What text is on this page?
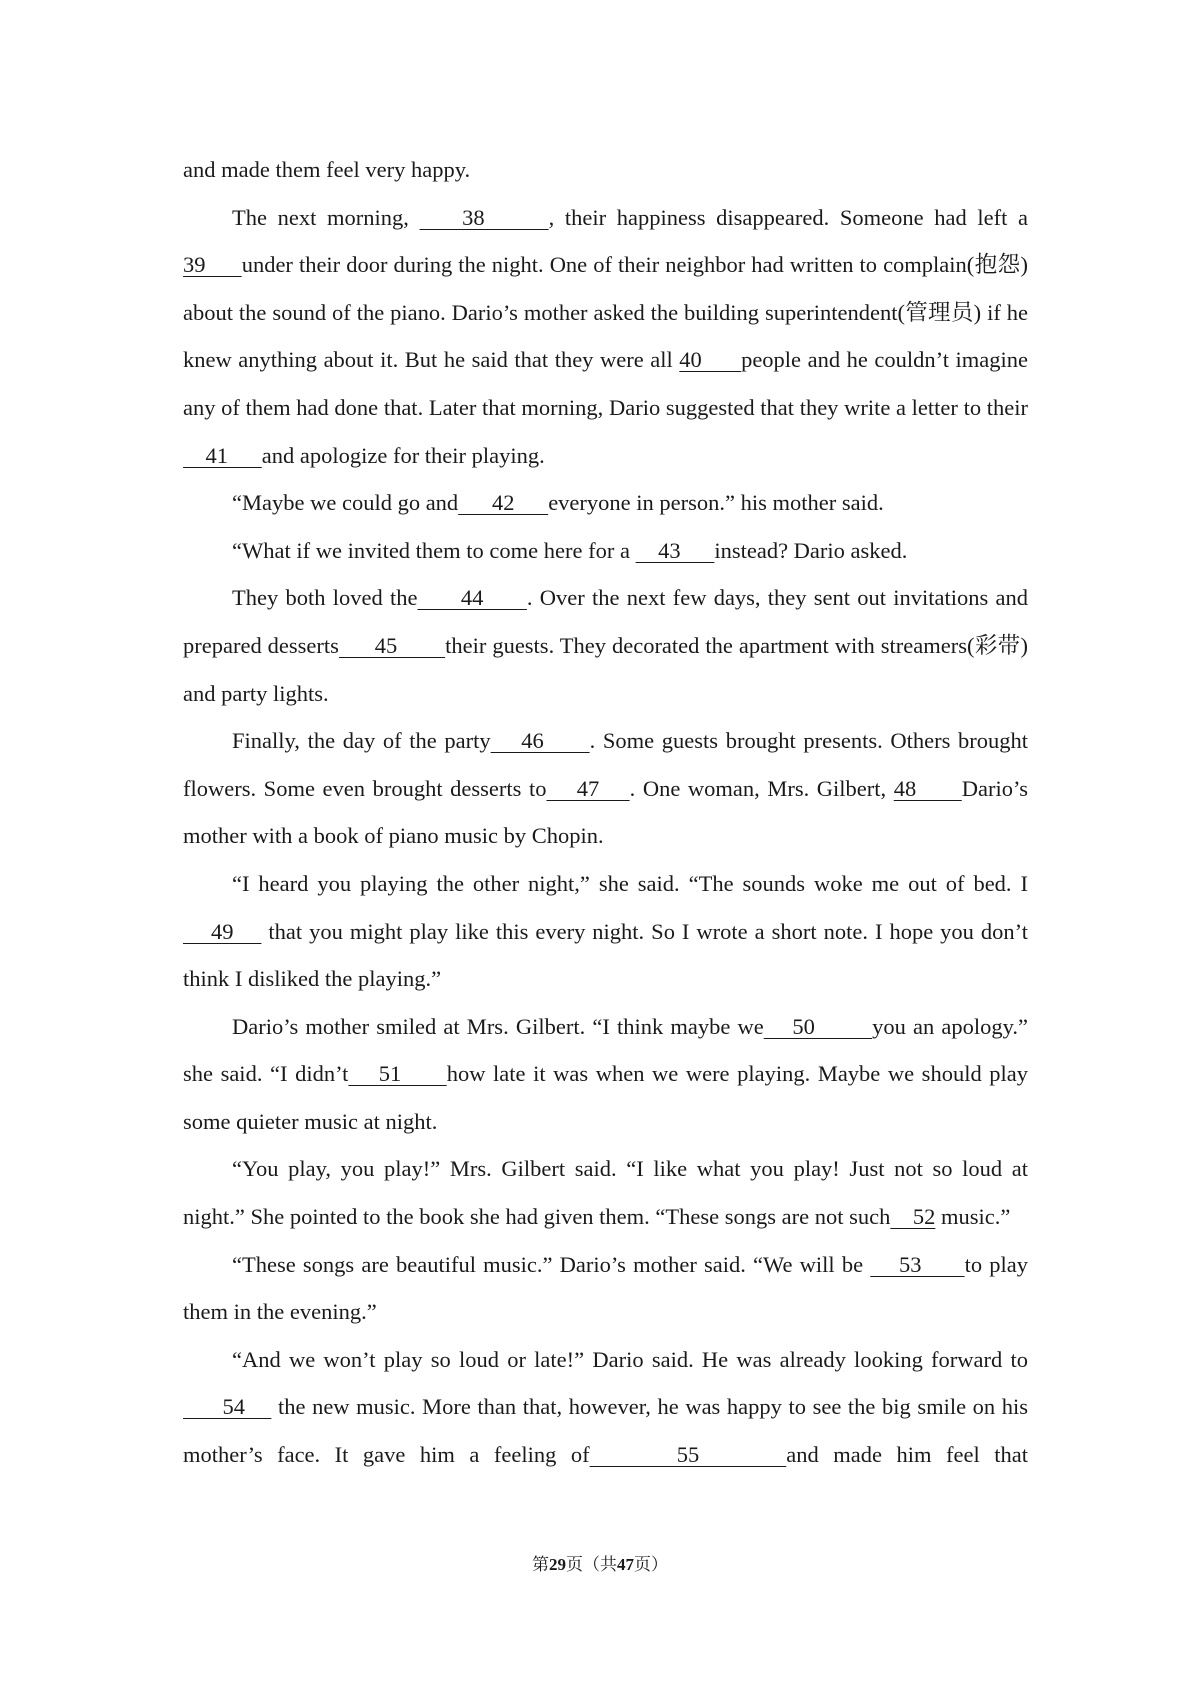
and made them feel very happy.

The next morning,     38      , their happiness disappeared. Someone had left a 39      under their door during the night. One of their neighbor had written to complain(抱怨) about the sound of the piano. Dario’s mother asked the building superintendent(管理员) if he knew anything about it. But he said that they were all 40      people and he couldn’t imagine any of them had done that. Later that morning, Dario suggested that they write a letter to their     41      and apologize for their playing.

“Maybe we could go and      42      everyone in person.” his mother said.

“What if we invited them to come here for a     43      instead? Dario asked.

They both loved the      44      . Over the next few days, they sent out invitations and prepared desserts      45        their guests. They decorated the apartment with streamers(彩带) and party lights.

Finally, the day of the party    46      . Some guests brought presents. Others brought flowers. Some even brought desserts to    47    . One woman, Mrs. Gilbert, 48      Dario’s mother with a book of piano music by Chopin.

“I heard you playing the other night,” she said. “The sounds woke me out of bed. I    49     that you might play like this every night. So I wrote a short note. I hope you don’t think I disliked the playing.”

Dario’s mother smiled at Mrs. Gilbert. “I think maybe we    50        you an apology.” she said. “I didn’t    51      how late it was when we were playing. Maybe we should play some quieter music at night.

“You play, you play!” Mrs. Gilbert said. “I like what you play! Just not so loud at night.” She pointed to the book she had given them. “These songs are not such    52 music.”

“These songs are beautiful music.” Dario’s mother said. “We will be     53      to play them in the evening.”

“And we won’t play so loud or late!” Dario said. He was already looking forward to      54     the new music. More than that, however, he was happy to see the big smile on his mother’s face. It gave him a feeling of      55      and made him feel that

第29页（共47页）
